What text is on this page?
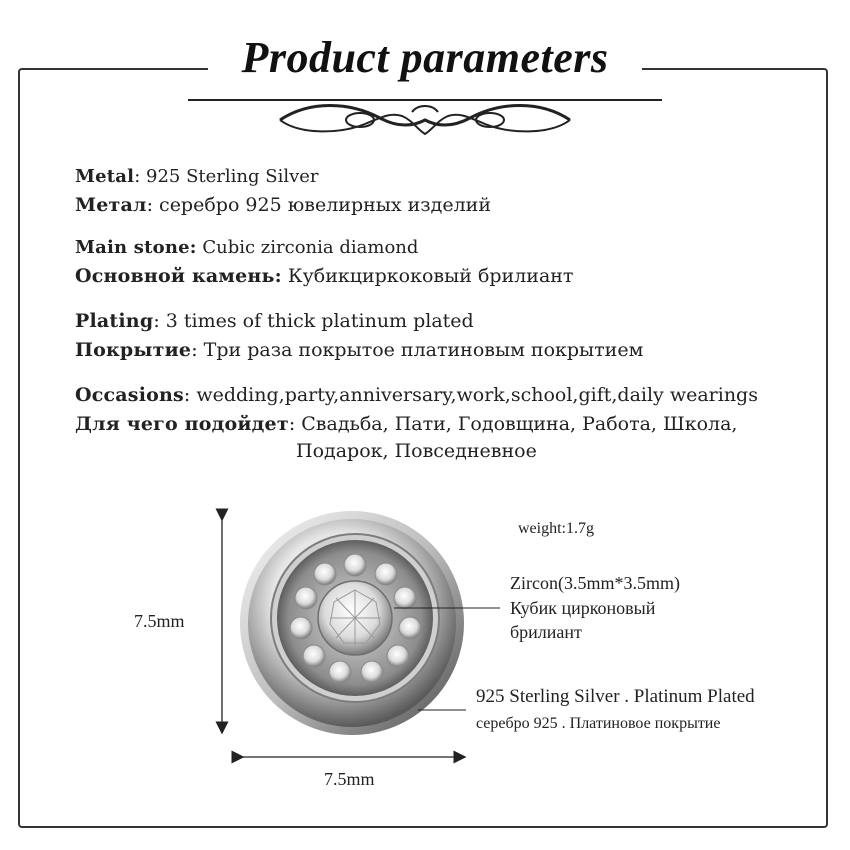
Product parameters
Metal: 925 Sterling Silver
Метал: серебро 925 ювелирных изделий
Main stone: Cubic zirconia diamond
Основной камень: Кубикциркоковый брилиант
Plating: 3 times of thick platinum plated
Покрытие: Три раза покрытое платиновым покрытием
Occasions: wedding,party,anniversary,work,school,gift,daily wearings
Для чего подойдет: Свадьба, Пати, Годовщина, Работа, Школа,
Подарок, Повседневное
7.5mm
7.5mm
weight:1.7g
Zircon(3.5mm*3.5mm)
Кубик цирконовый
брилиант
925 Sterling Silver . Platinum Plated
серебро 925 . Платиновое покрытие
